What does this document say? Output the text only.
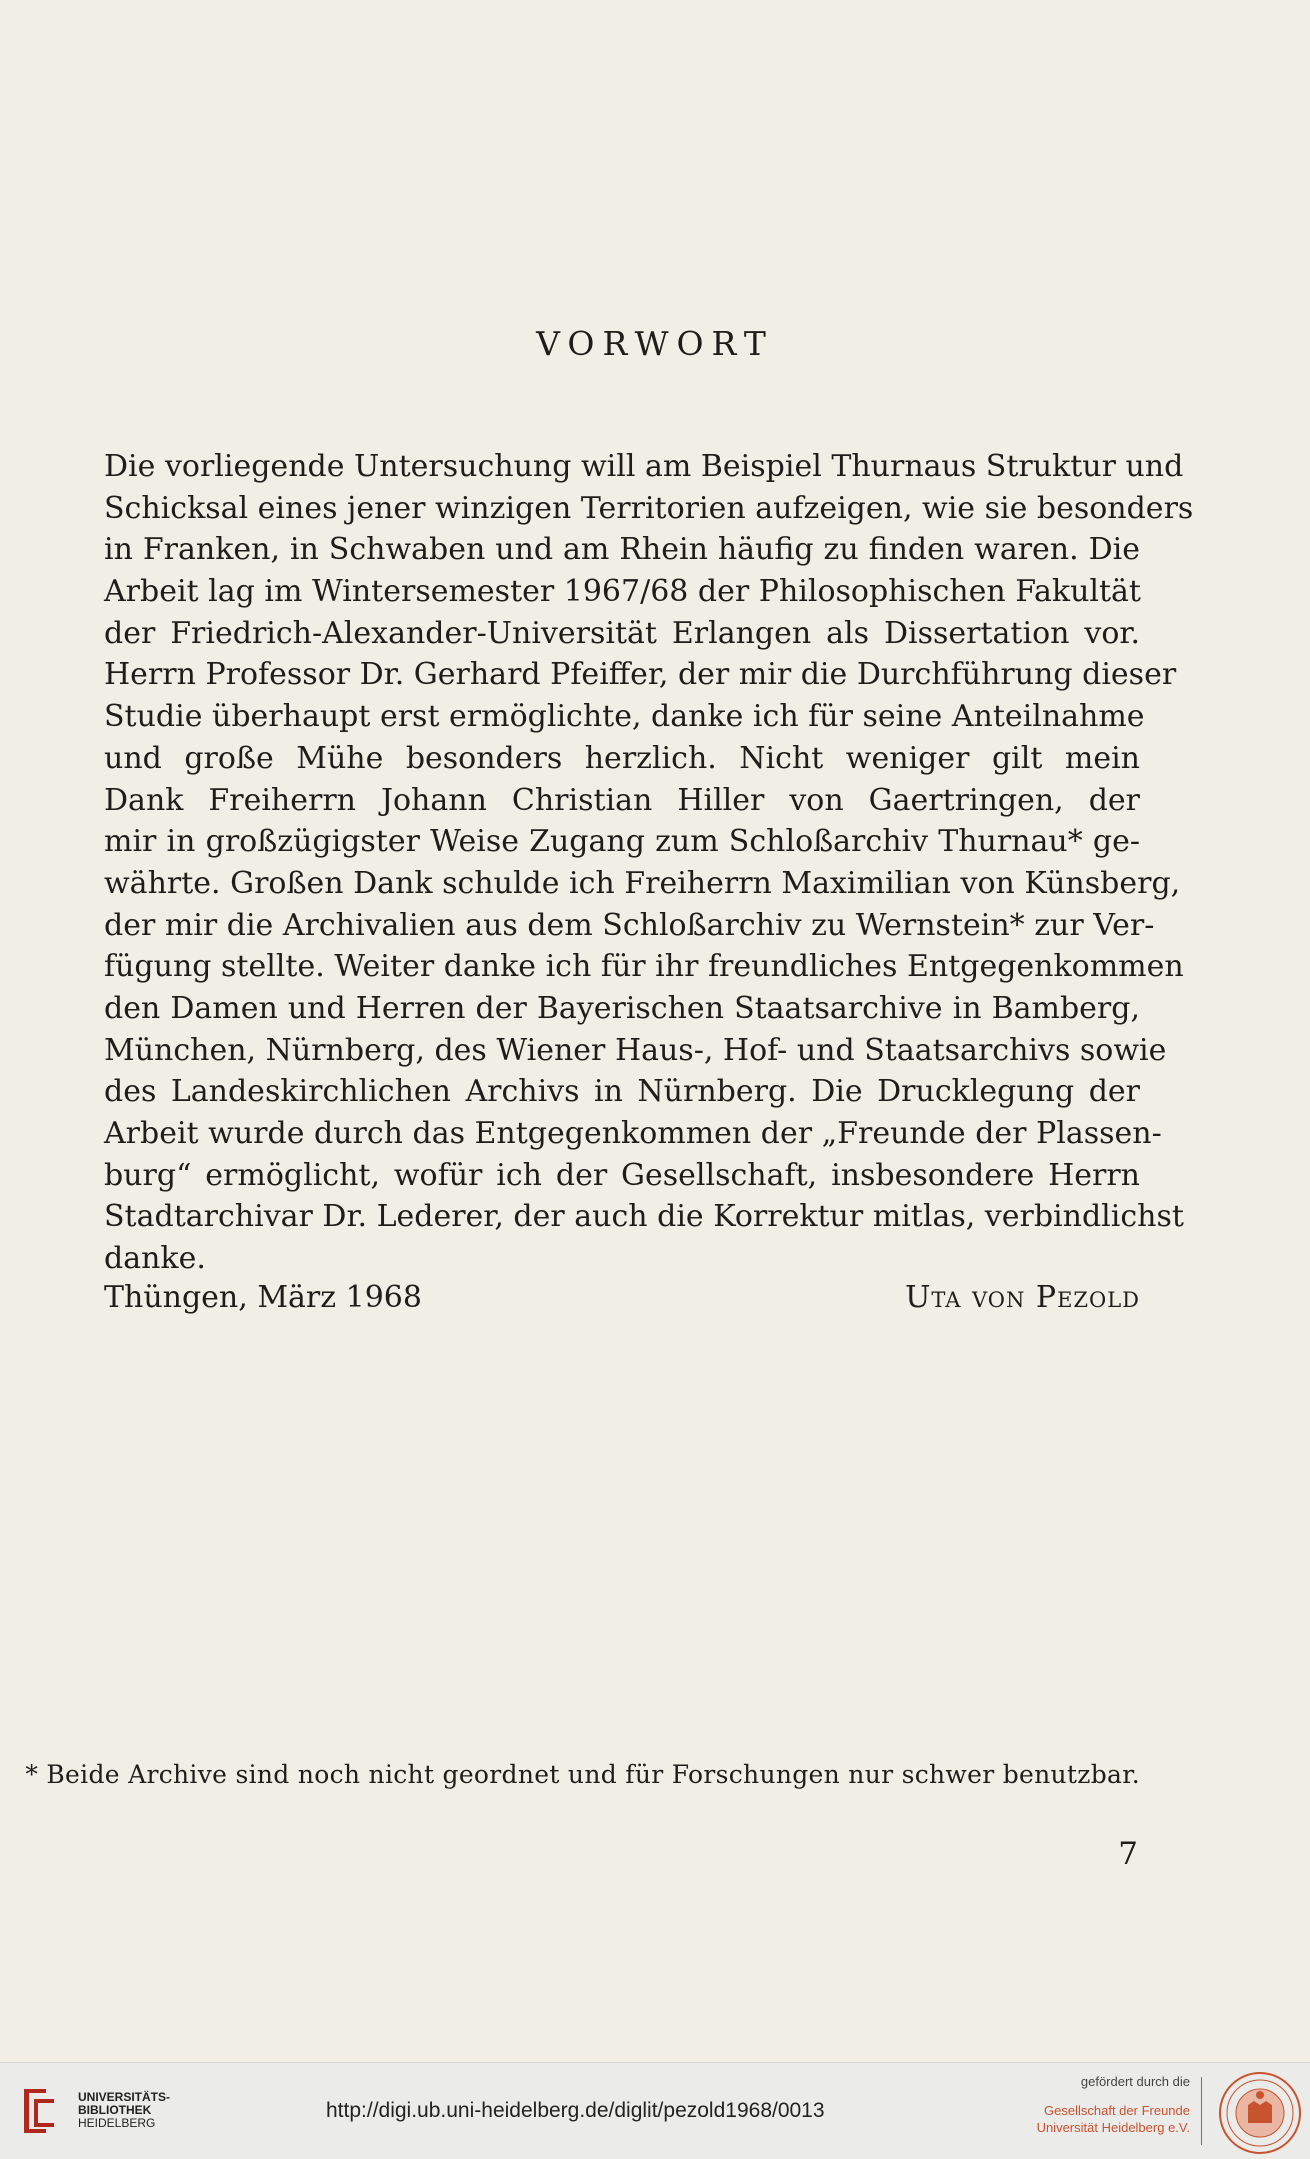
VORWORT
Die vorliegende Untersuchung will am Beispiel Thurnaus Struktur und
Schicksal eines jener winzigen Territorien aufzeigen, wie sie besonders
in Franken, in Schwaben und am Rhein häufig zu finden waren. Die
Arbeit lag im Wintersemester 1967/68 der Philosophischen Fakultät
der Friedrich-Alexander-Universität Erlangen als Dissertation vor.
Herrn Professor Dr. Gerhard Pfeiffer, der mir die Durchführung dieser
Studie überhaupt erst ermöglichte, danke ich für seine Anteilnahme
und große Mühe besonders herzlich. Nicht weniger gilt mein
Dank Freiherrn Johann Christian Hiller von Gaertringen, der
mir in großzügigster Weise Zugang zum Schloßarchiv Thurnau* ge-
währte. Großen Dank schulde ich Freiherrn Maximilian von Künsberg,
der mir die Archivalien aus dem Schloßarchiv zu Wernstein* zur Ver-
fügung stellte. Weiter danke ich für ihr freundliches Entgegenkommen
den Damen und Herren der Bayerischen Staatsarchive in Bamberg,
München, Nürnberg, des Wiener Haus-, Hof- und Staatsarchivs sowie
des Landeskirchlichen Archivs in Nürnberg. Die Drucklegung der
Arbeit wurde durch das Entgegenkommen der „Freunde der Plassen-
burg“ ermöglicht, wofür ich der Gesellschaft, insbesondere Herrn
Stadtarchivar Dr. Lederer, der auch die Korrektur mitlas, verbindlichst
danke.
Thüngen, März 1968	Uta von Pezold
* Beide Archive sind noch nicht geordnet und für Forschungen nur schwer benutzbar.
7
UNIVERSITÄTS-
BIBLIOTHEK
HEIDELBERG
http://digi.ub.uni-heidelberg.de/diglit/pezold1968/0013
gefördert durch die
Gesellschaft der Freunde
Universität Heidelberg e.V.
